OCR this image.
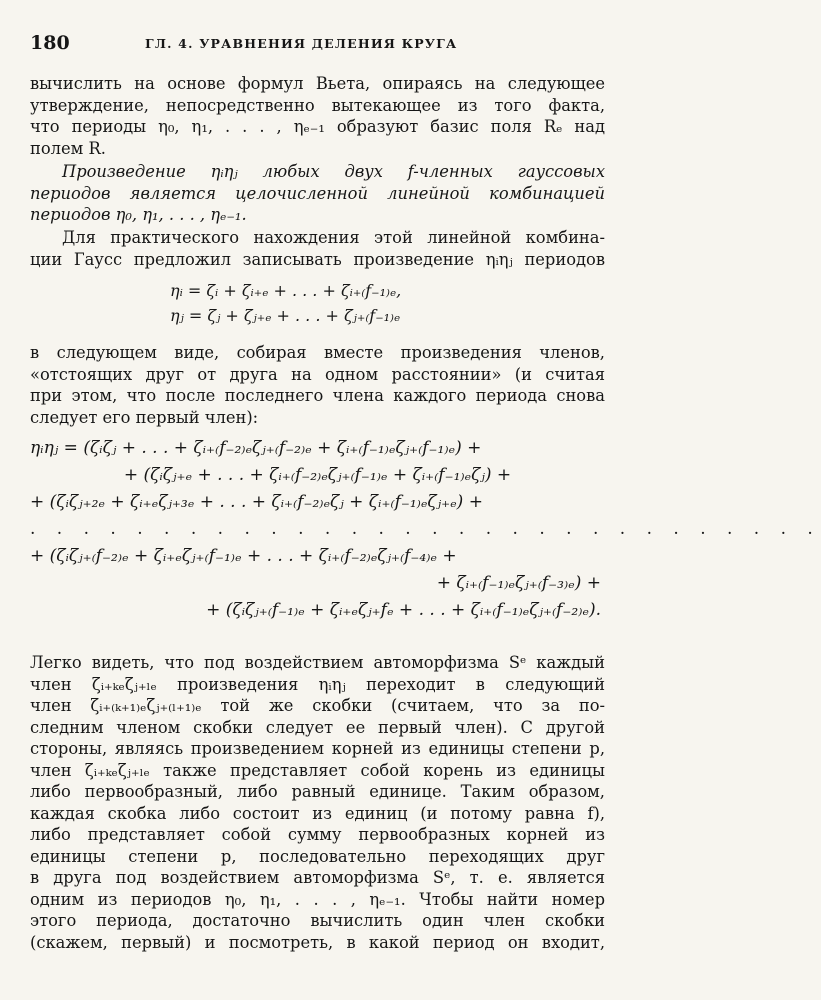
180	ГЛ. 4. УРАВНЕНИЯ ДЕЛЕНИЯ КРУГА
вычислить на основе формул Вьета, опираясь на следующее
утверждение, непосредственно вытекающее из того факта,
что периоды η₀, η₁, . . . , ηₑ₋₁ образуют базис поля Rₑ над
полем R.
Произведение ηᵢηⱼ любых двух f-членных гауссовых
периодов является целочисленной линейной комбинацией
периодов η₀, η₁, . . . , ηₑ₋₁.
Для практического нахождения этой линейной комбина-
ции Гаусс предложил записывать произведение ηᵢηⱼ периодов
ηᵢ = ζᵢ + ζᵢ₊ₑ + . . . + ζᵢ₊₍f₋₁₎ₑ,
ηⱼ = ζⱼ + ζⱼ₊ₑ + . . . + ζⱼ₊₍f₋₁₎ₑ
в следующем виде, собирая вместе произведения членов,
«отстоящих друг от друга на одном расстоянии» (и считая
при этом, что после последнего члена каждого периода снова
следует его первый член):
ηᵢηⱼ = (ζᵢζⱼ + . . . + ζᵢ₊₍f₋₂₎ₑζⱼ₊₍f₋₂₎ₑ + ζᵢ₊₍f₋₁₎ₑζⱼ₊₍f₋₁₎ₑ) +
+ (ζᵢζⱼ₊ₑ + . . . + ζᵢ₊₍f₋₂₎ₑζⱼ₊₍f₋₁₎ₑ + ζᵢ₊₍f₋₁₎ₑζⱼ) +
+ (ζᵢζⱼ₊₂ₑ + ζᵢ₊ₑζⱼ₊₃ₑ + . . . + ζᵢ₊₍f₋₂₎ₑζⱼ + ζᵢ₊₍f₋₁₎ₑζⱼ₊ₑ) +
. . . . . . . . . . . . . . . . . . . . . . . . . . . . . .
+ (ζᵢζⱼ₊₍f₋₂₎ₑ + ζᵢ₊ₑζⱼ₊₍f₋₁₎ₑ + . . . + ζᵢ₊₍f₋₂₎ₑζⱼ₊₍f₋₄₎ₑ +
+ ζᵢ₊₍f₋₁₎ₑζⱼ₊₍f₋₃₎ₑ) +
+ (ζᵢζⱼ₊₍f₋₁₎ₑ + ζᵢ₊ₑζⱼ₊fₑ + . . . + ζᵢ₊₍f₋₁₎ₑζⱼ₊₍f₋₂₎ₑ).
Легко видеть, что под воздействием автоморфизма Sᵉ каждый
член ζᵢ₊ₖₑζⱼ₊ₗₑ произведения ηᵢηⱼ переходит в следующий
член ζᵢ₊₍ₖ₊₁₎ₑζⱼ₊₍ₗ₊₁₎ₑ той же скобки (считаем, что за по-
следним членом скобки следует ее первый член). С другой
стороны, являясь произведением корней из единицы степени p,
член ζᵢ₊ₖₑζⱼ₊ₗₑ также представляет собой корень из единицы
либо первообразный, либо равный единице. Таким образом,
каждая скобка либо состоит из единиц (и потому равна f),
либо представляет собой сумму первообразных корней из
единицы степени p, последовательно переходящих друг
в друга под воздействием автоморфизма Sᵉ, т. е. является
одним из периодов η₀, η₁, . . . , ηₑ₋₁. Чтобы найти номер
этого периода, достаточно вычислить один член скобки
(скажем, первый) и посмотреть, в какой период он входит,
